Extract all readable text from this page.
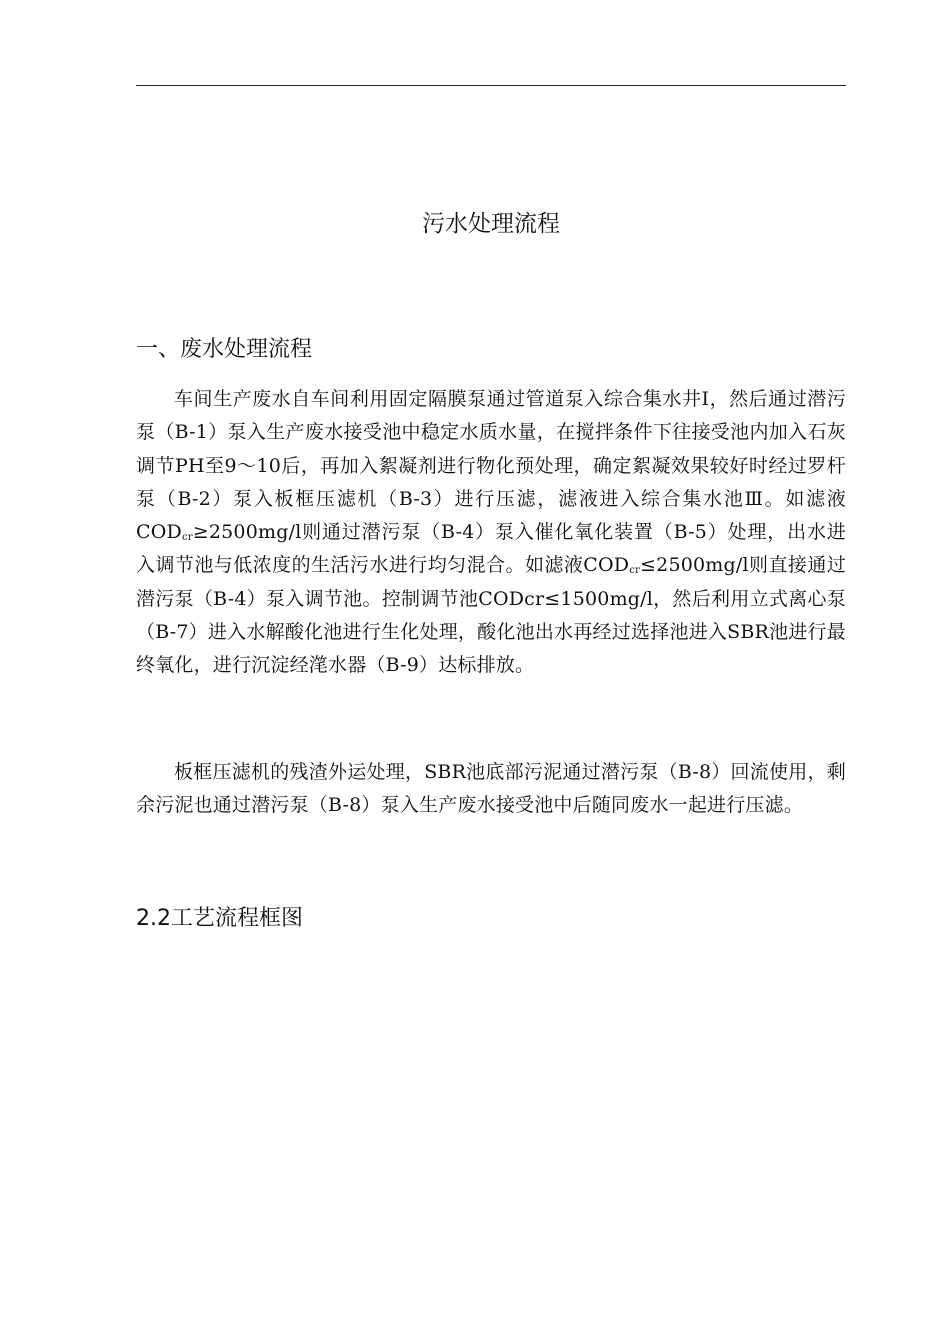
污水处理流程
一、废水处理流程

车间生产废水自车间利用固定隔膜泵通过管道泵入综合集水井Ⅰ，然后通过潜污泵（B-1）泵入生产废水接受池中稳定水质水量，在搅拌条件下往接受池内加入石灰调节PH至9～10后，再加入絮凝剂进行物化预处理，确定絮凝效果较好时经过罗杆泵（B-2）泵入板框压滤机（B-3）进行压滤，滤液进入综合集水池Ⅲ。如滤液$COD_{cr}\ge 2500mg/l$则通过潜污泵（B-4）泵入催化氧化装置（B-5）处理，出水进入调节池与低浓度的生活污水进行均匀混合。如滤液$COD_{cr}\le 2500mg/l$则直接通过潜污泵（B-4）泵入调节池。控制调节池CODcr≤1500mg/l，然后利用立式离心泵（B-7）进入水解酸化池进行生化处理，酸化池出水再经过选择池进入SBR池进行最终氧化，进行沉淀经滗水器（B-9）达标排放。

板框压滤机的残渣外运处理，SBR池底部污泥通过潜污泵（B-8）回流使用，剩余污泥也通过潜污泵（B-8）泵入生产废水接受池中后随同废水一起进行压滤。

2.2工艺流程框图
